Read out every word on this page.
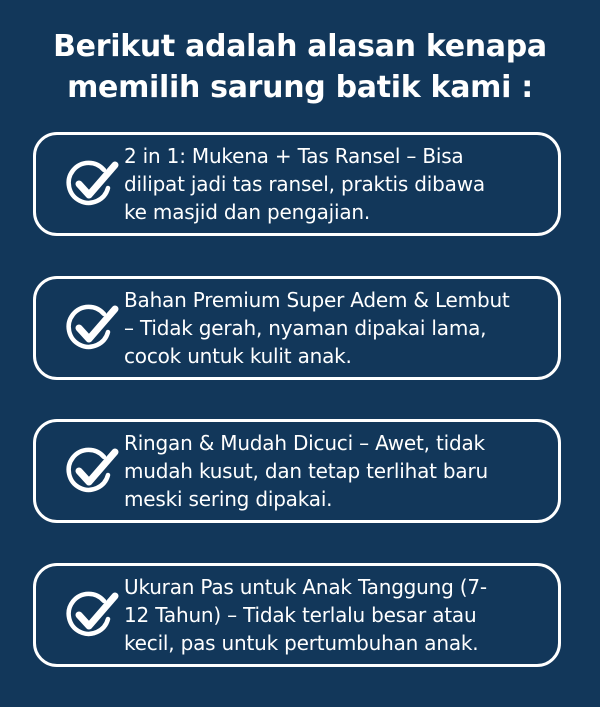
Berikut adalah alasan kenapa
memilih sarung batik kami :
2 in 1: Mukena + Tas Ransel – Bisa
dilipat jadi tas ransel, praktis dibawa
ke masjid dan pengajian.
Bahan Premium Super Adem & Lembut
– Tidak gerah, nyaman dipakai lama,
cocok untuk kulit anak.
Ringan & Mudah Dicuci – Awet, tidak
mudah kusut, dan tetap terlihat baru
meski sering dipakai.
Ukuran Pas untuk Anak Tanggung (7-
12 Tahun) – Tidak terlalu besar atau
kecil, pas untuk pertumbuhan anak.
